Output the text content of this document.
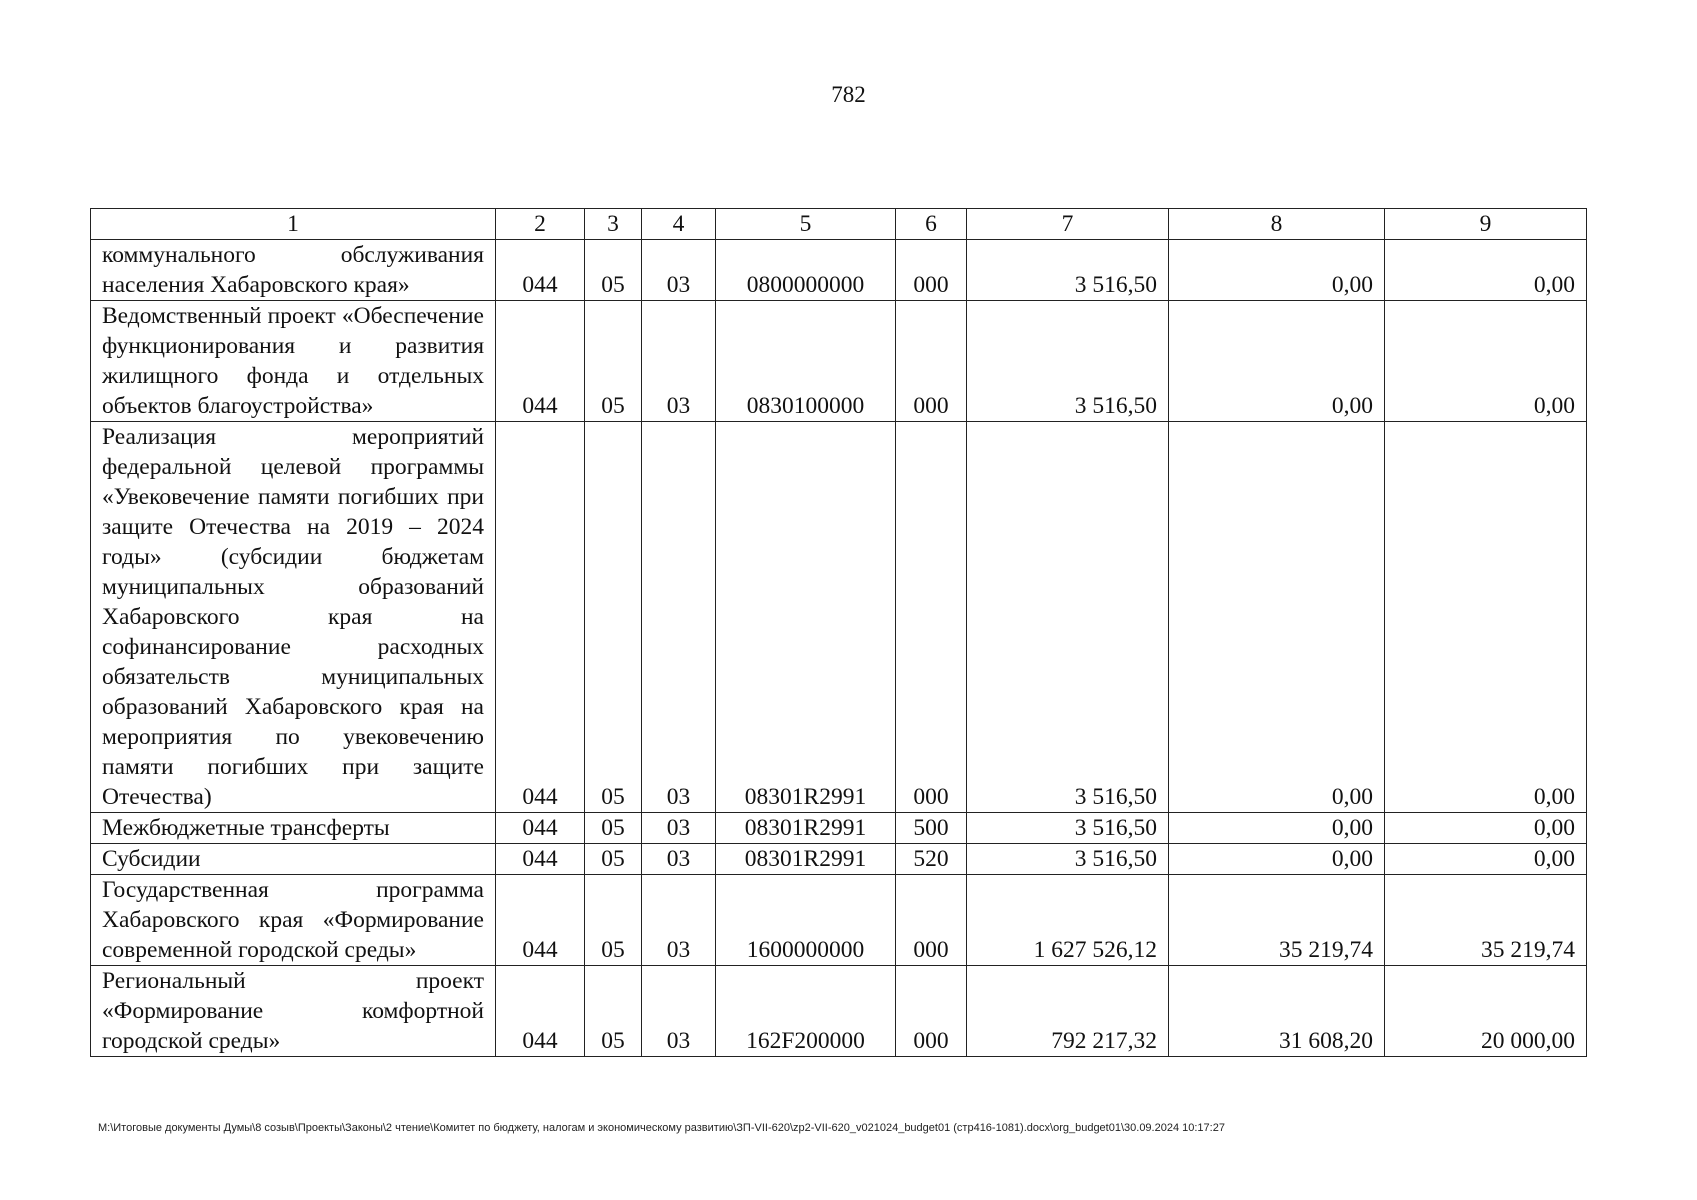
782
1	2	3	4	5	6	7	8	9
коммунального обслуживания населения Хабаровского края»	044	05	03	0800000000	000	3 516,50	0,00	0,00
Ведомственный проект «Обеспечение функционирования и развития жилищного фонда и отдельных объектов благоустройства»	044	05	03	0830100000	000	3 516,50	0,00	0,00
Реализация мероприятий федеральной целевой программы «Увековечение памяти погибших при защите Отечества на 2019 – 2024 годы» (субсидии бюджетам муниципальных образований Хабаровского края на софинансирование расходных обязательств муниципальных образований Хабаровского края на мероприятия по увековечению памяти погибших при защите Отечества)	044	05	03	08301R2991	000	3 516,50	0,00	0,00
Межбюджетные трансферты	044	05	03	08301R2991	500	3 516,50	0,00	0,00
Субсидии	044	05	03	08301R2991	520	3 516,50	0,00	0,00
Государственная программа Хабаровского края «Формирование современной городской среды»	044	05	03	1600000000	000	1 627 526,12	35 219,74	35 219,74
Региональный проект «Формирование комфортной городской среды»	044	05	03	162F200000	000	792 217,32	31 608,20	20 000,00
M:\Итоговые документы Думы\8 созыв\Проекты\Законы\2 чтение\Комитет по бюджету, налогам и экономическому развитию\ЗП-VII-620\zp2-VII-620_v021024_budget01 (стр416-1081).docx\org_budget01\30.09.2024 10:17:27
